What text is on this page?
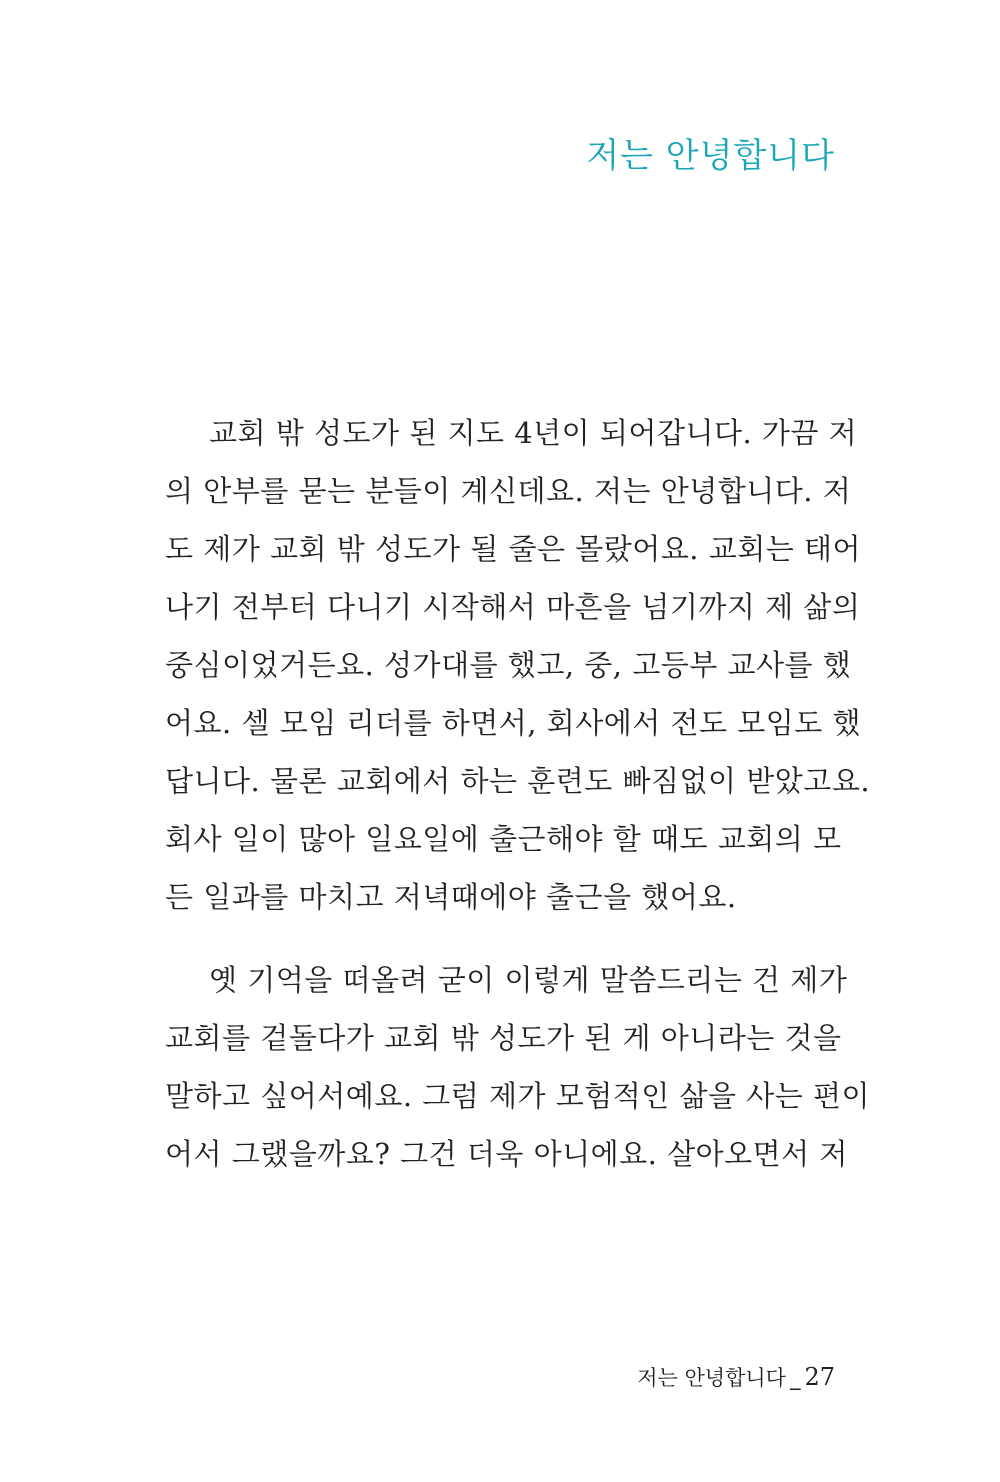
저는 안녕합니다
교회 밖 성도가 된 지도 4년이 되어갑니다. 가끔 저
의 안부를 묻는 분들이 계신데요. 저는 안녕합니다. 저
도 제가 교회 밖 성도가 될 줄은 몰랐어요. 교회는 태어
나기 전부터 다니기 시작해서 마흔을 넘기까지 제 삶의
중심이었거든요. 성가대를 했고, 중, 고등부 교사를 했
어요. 셀 모임 리더를 하면서, 회사에서 전도 모임도 했
답니다. 물론 교회에서 하는 훈련도 빠짐없이 받았고요.
회사 일이 많아 일요일에 출근해야 할 때도 교회의 모
든 일과를 마치고 저녁때에야 출근을 했어요.
옛 기억을 떠올려 굳이 이렇게 말씀드리는 건 제가
교회를 겉돌다가 교회 밖 성도가 된 게 아니라는 것을
말하고 싶어서예요. 그럼 제가 모험적인 삶을 사는 편이
어서 그랬을까요? 그건 더욱 아니에요. 살아오면서 저
저는 안녕합니다 _ 27
